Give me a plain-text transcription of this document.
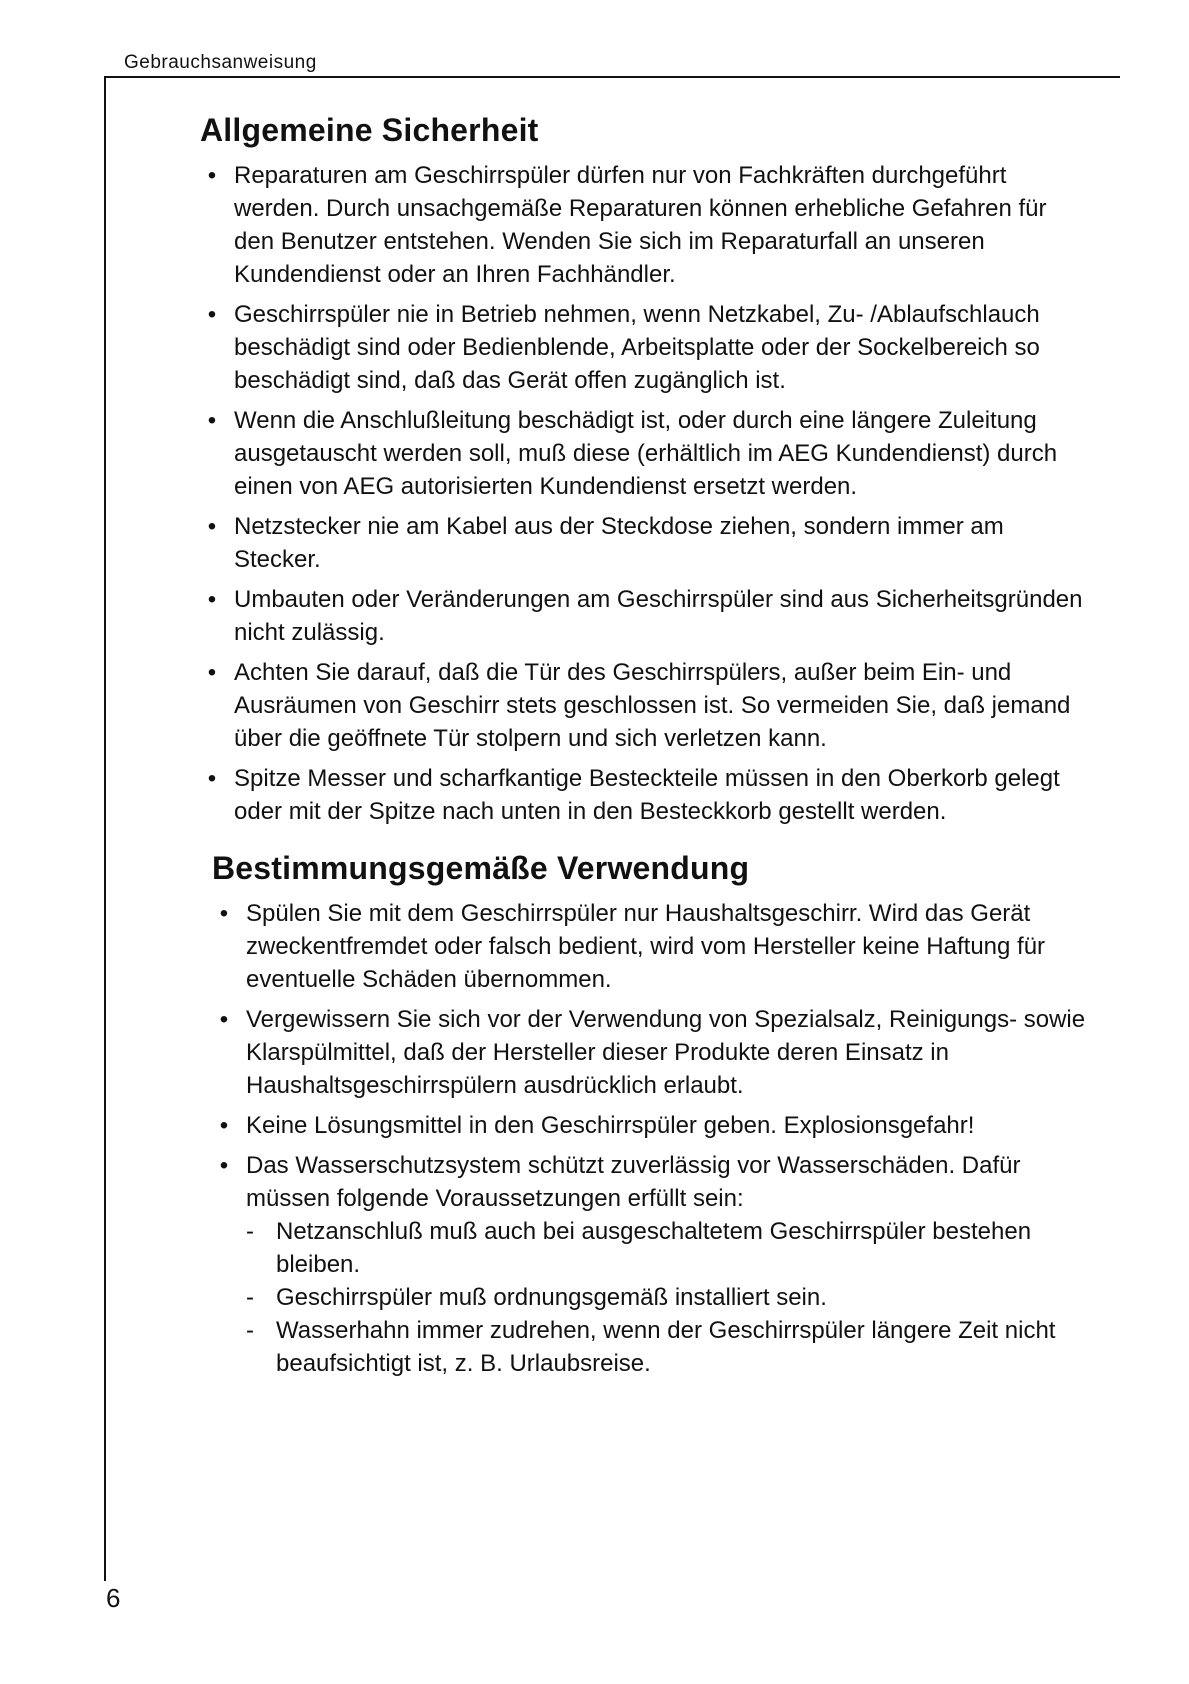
Gebrauchsanweisung
Allgemeine Sicherheit
• Reparaturen am Geschirrspüler dürfen nur von Fachkräften durchgeführt werden. Durch unsachgemäße Reparaturen können erhebliche Gefahren für den Benutzer entstehen. Wenden Sie sich im Reparaturfall an unseren Kundendienst oder an Ihren Fachhändler.
• Geschirrspüler nie in Betrieb nehmen, wenn Netzkabel, Zu- /Ablaufschlauch beschädigt sind oder Bedienblende, Arbeitsplatte oder der Sockelbereich so beschädigt sind, daß das Gerät offen zugänglich ist.
• Wenn die Anschlußleitung beschädigt ist, oder durch eine längere Zuleitung ausgetauscht werden soll, muß diese (erhältlich im AEG Kundendienst) durch einen von AEG autorisierten Kundendienst ersetzt werden.
• Netzstecker nie am Kabel aus der Steckdose ziehen, sondern immer am Stecker.
• Umbauten oder Veränderungen am Geschirrspüler sind aus Sicherheitsgründen nicht zulässig.
• Achten Sie darauf, daß die Tür des Geschirrspülers, außer beim Ein- und Ausräumen von Geschirr stets geschlossen ist. So vermeiden Sie, daß jemand über die geöffnete Tür stolpern und sich verletzen kann.
• Spitze Messer und scharfkantige Besteckteile müssen in den Oberkorb gelegt oder mit der Spitze nach unten in den Besteckkorb gestellt werden.
Bestimmungsgemäße Verwendung
• Spülen Sie mit dem Geschirrspüler nur Haushaltsgeschirr. Wird das Gerät zweckentfremdet oder falsch bedient, wird vom Hersteller keine Haftung für eventuelle Schäden übernommen.
• Vergewissern Sie sich vor der Verwendung von Spezialsalz, Reinigungs- sowie Klarspülmittel, daß der Hersteller dieser Produkte deren Einsatz in Haushaltsgeschirrspülern ausdrücklich erlaubt.
• Keine Lösungsmittel in den Geschirrspüler geben. Explosionsgefahr!
• Das Wasserschutzsystem schützt zuverlässig vor Wasserschäden. Dafür müssen folgende Voraussetzungen erfüllt sein:
- Netzanschluß muß auch bei ausgeschaltetem Geschirrspüler bestehen bleiben.
- Geschirrspüler muß ordnungsgemäß installiert sein.
- Wasserhahn immer zudrehen, wenn der Geschirrspüler längere Zeit nicht beaufsichtigt ist, z. B. Urlaubsreise.
6
